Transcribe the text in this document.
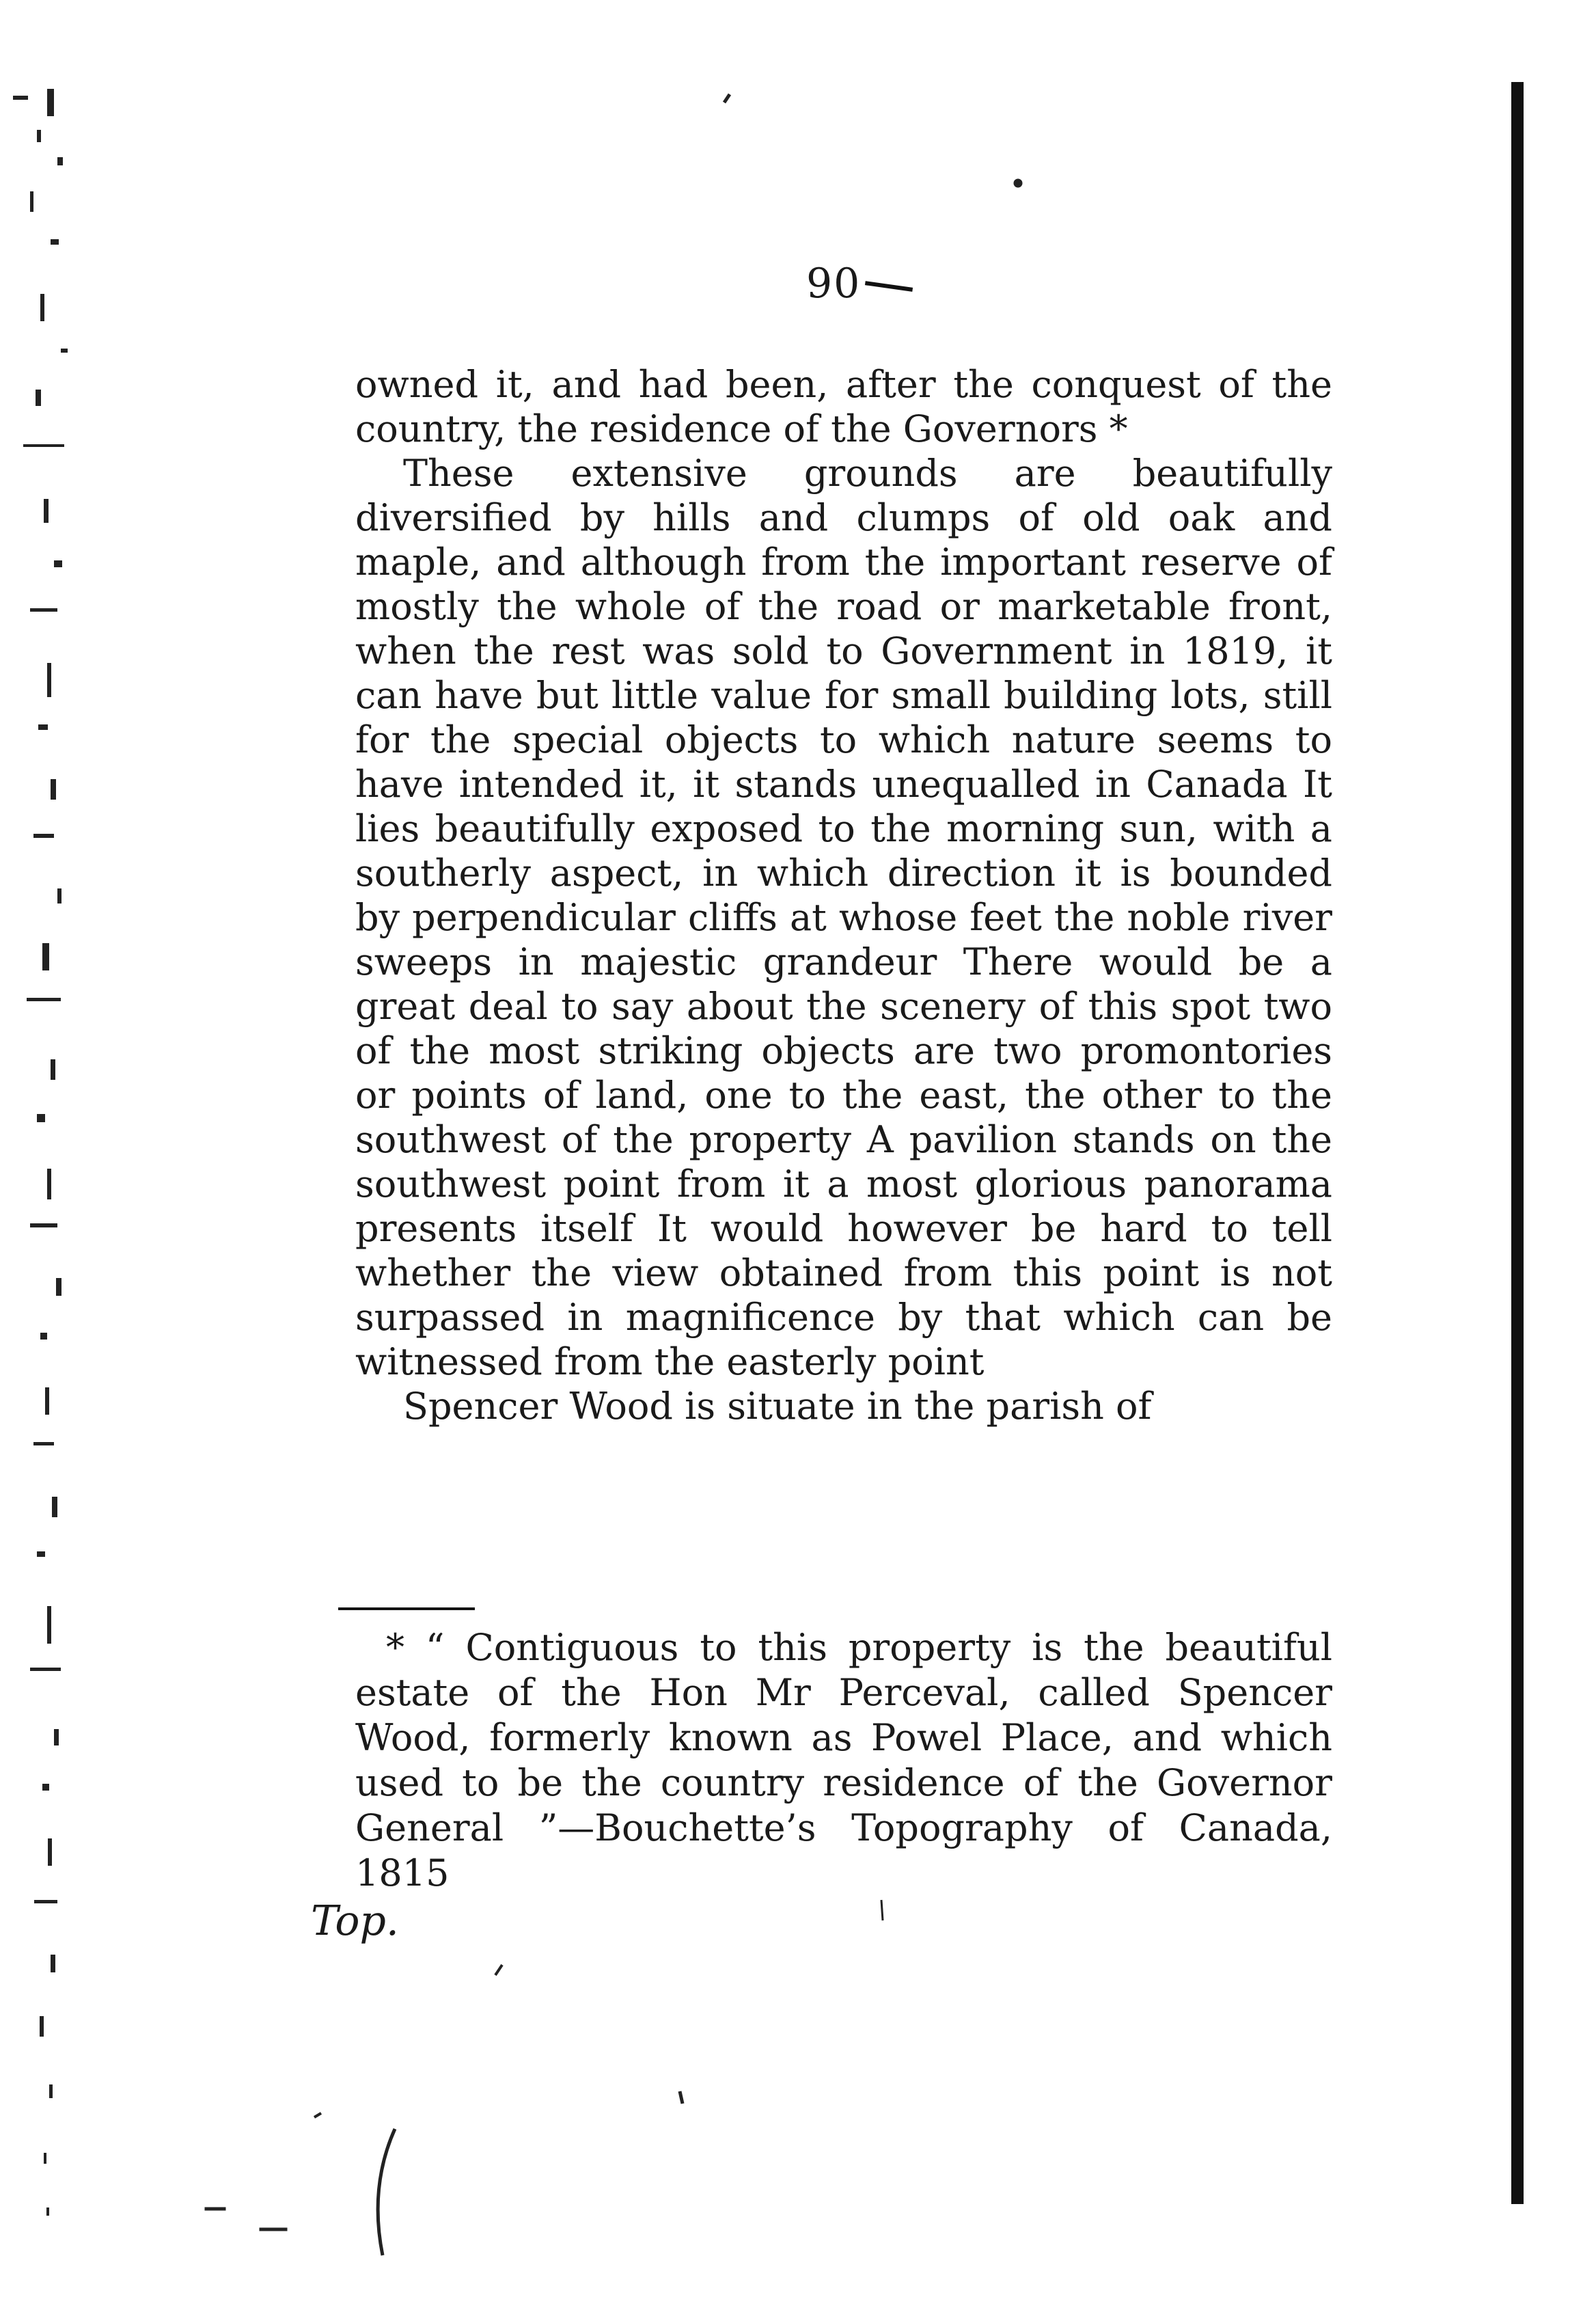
90

owned it, and had been, after the conquest of the country, the residence of the Governors *

These extensive grounds are beautifully diversified by hills and clumps of old oak and maple, and although from the important reserve of mostly the whole of the road or marketable front, when the rest was sold to Government in 1819, it can have but little value for small building lots, still for the special objects to which nature seems to have intended it, it stands unequalled in Canada It lies beautifully exposed to the morning sun, with a southerly aspect, in which direction it is bounded by perpendicular cliffs at whose feet the noble river sweeps in majestic grandeur There would be a great deal to say about the scenery of this spot two of the most striking objects are two promontories or points of land, one to the east, the other to the southwest of the property A pavilion stands on the southwest point from it a most glorious panorama presents itself It would however be hard to tell whether the view obtained from this point is not surpassed in magnificence by that which can be witnessed from the easterly point

Spencer Wood is situate in the parish of

* “ Contiguous to this property is the beautiful estate of the Hon Mr Perceval, called Spencer Wood, formerly known as Powel Place, and which used to be the country residence of the Governor General ”—Bouchette’s Topography of Canada, 1815

Top.
